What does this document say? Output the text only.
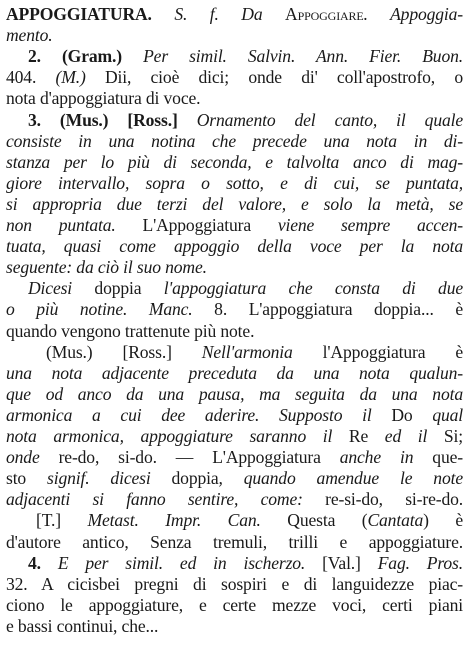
APPOGGIATURA. S. f. Da Appoggiare. Appoggia-
mento.
2. (Gram.) Per simil. Salvin. Ann. Fier. Buon.
404. (M.) Dii, cioè dici; onde di' coll'apostrofo, o
nota d'appoggiatura di voce.
3. (Mus.) [Ross.] Ornamento del canto, il quale
consiste in una notina che precede una nota in di-
stanza per lo più di seconda, e talvolta anco di mag-
giore intervallo, sopra o sotto, e di cui, se puntata,
si appropria due terzi del valore, e solo la metà, se
non puntata. L'Appoggiatura viene sempre accen-
tuata, quasi come appoggio della voce per la nota
seguente: da ciò il suo nome.
Dicesi doppia l'appoggiatura che consta di due
o più notine. Manc. 8. L'appoggiatura doppia... è
quando vengono trattenute più note.
(Mus.) [Ross.] Nell'armonia l'Appoggiatura è
una nota adjacente preceduta da una nota qualun-
que od anco da una pausa, ma seguita da una nota
armonica a cui dee aderire. Supposto il Do qual
nota armonica, appoggiature saranno il Re ed il Si;
onde re-do, si-do. — L'Appoggiatura anche in que-
sto signif. dicesi doppia, quando amendue le note
adjacenti si fanno sentire, come: re-si-do, si-re-do.
[T.] Metast. Impr. Can. Questa (Cantata) è
d'autore antico, Senza tremuli, trilli e appoggiature.
4. E per simil. ed in ischerzo. [Val.] Fag. Pros.
32. A cicisbei pregni di sospiri e di languidezze piac-
ciono le appoggiature, e certe mezze voci, certi piani
e bassi continui, che...
